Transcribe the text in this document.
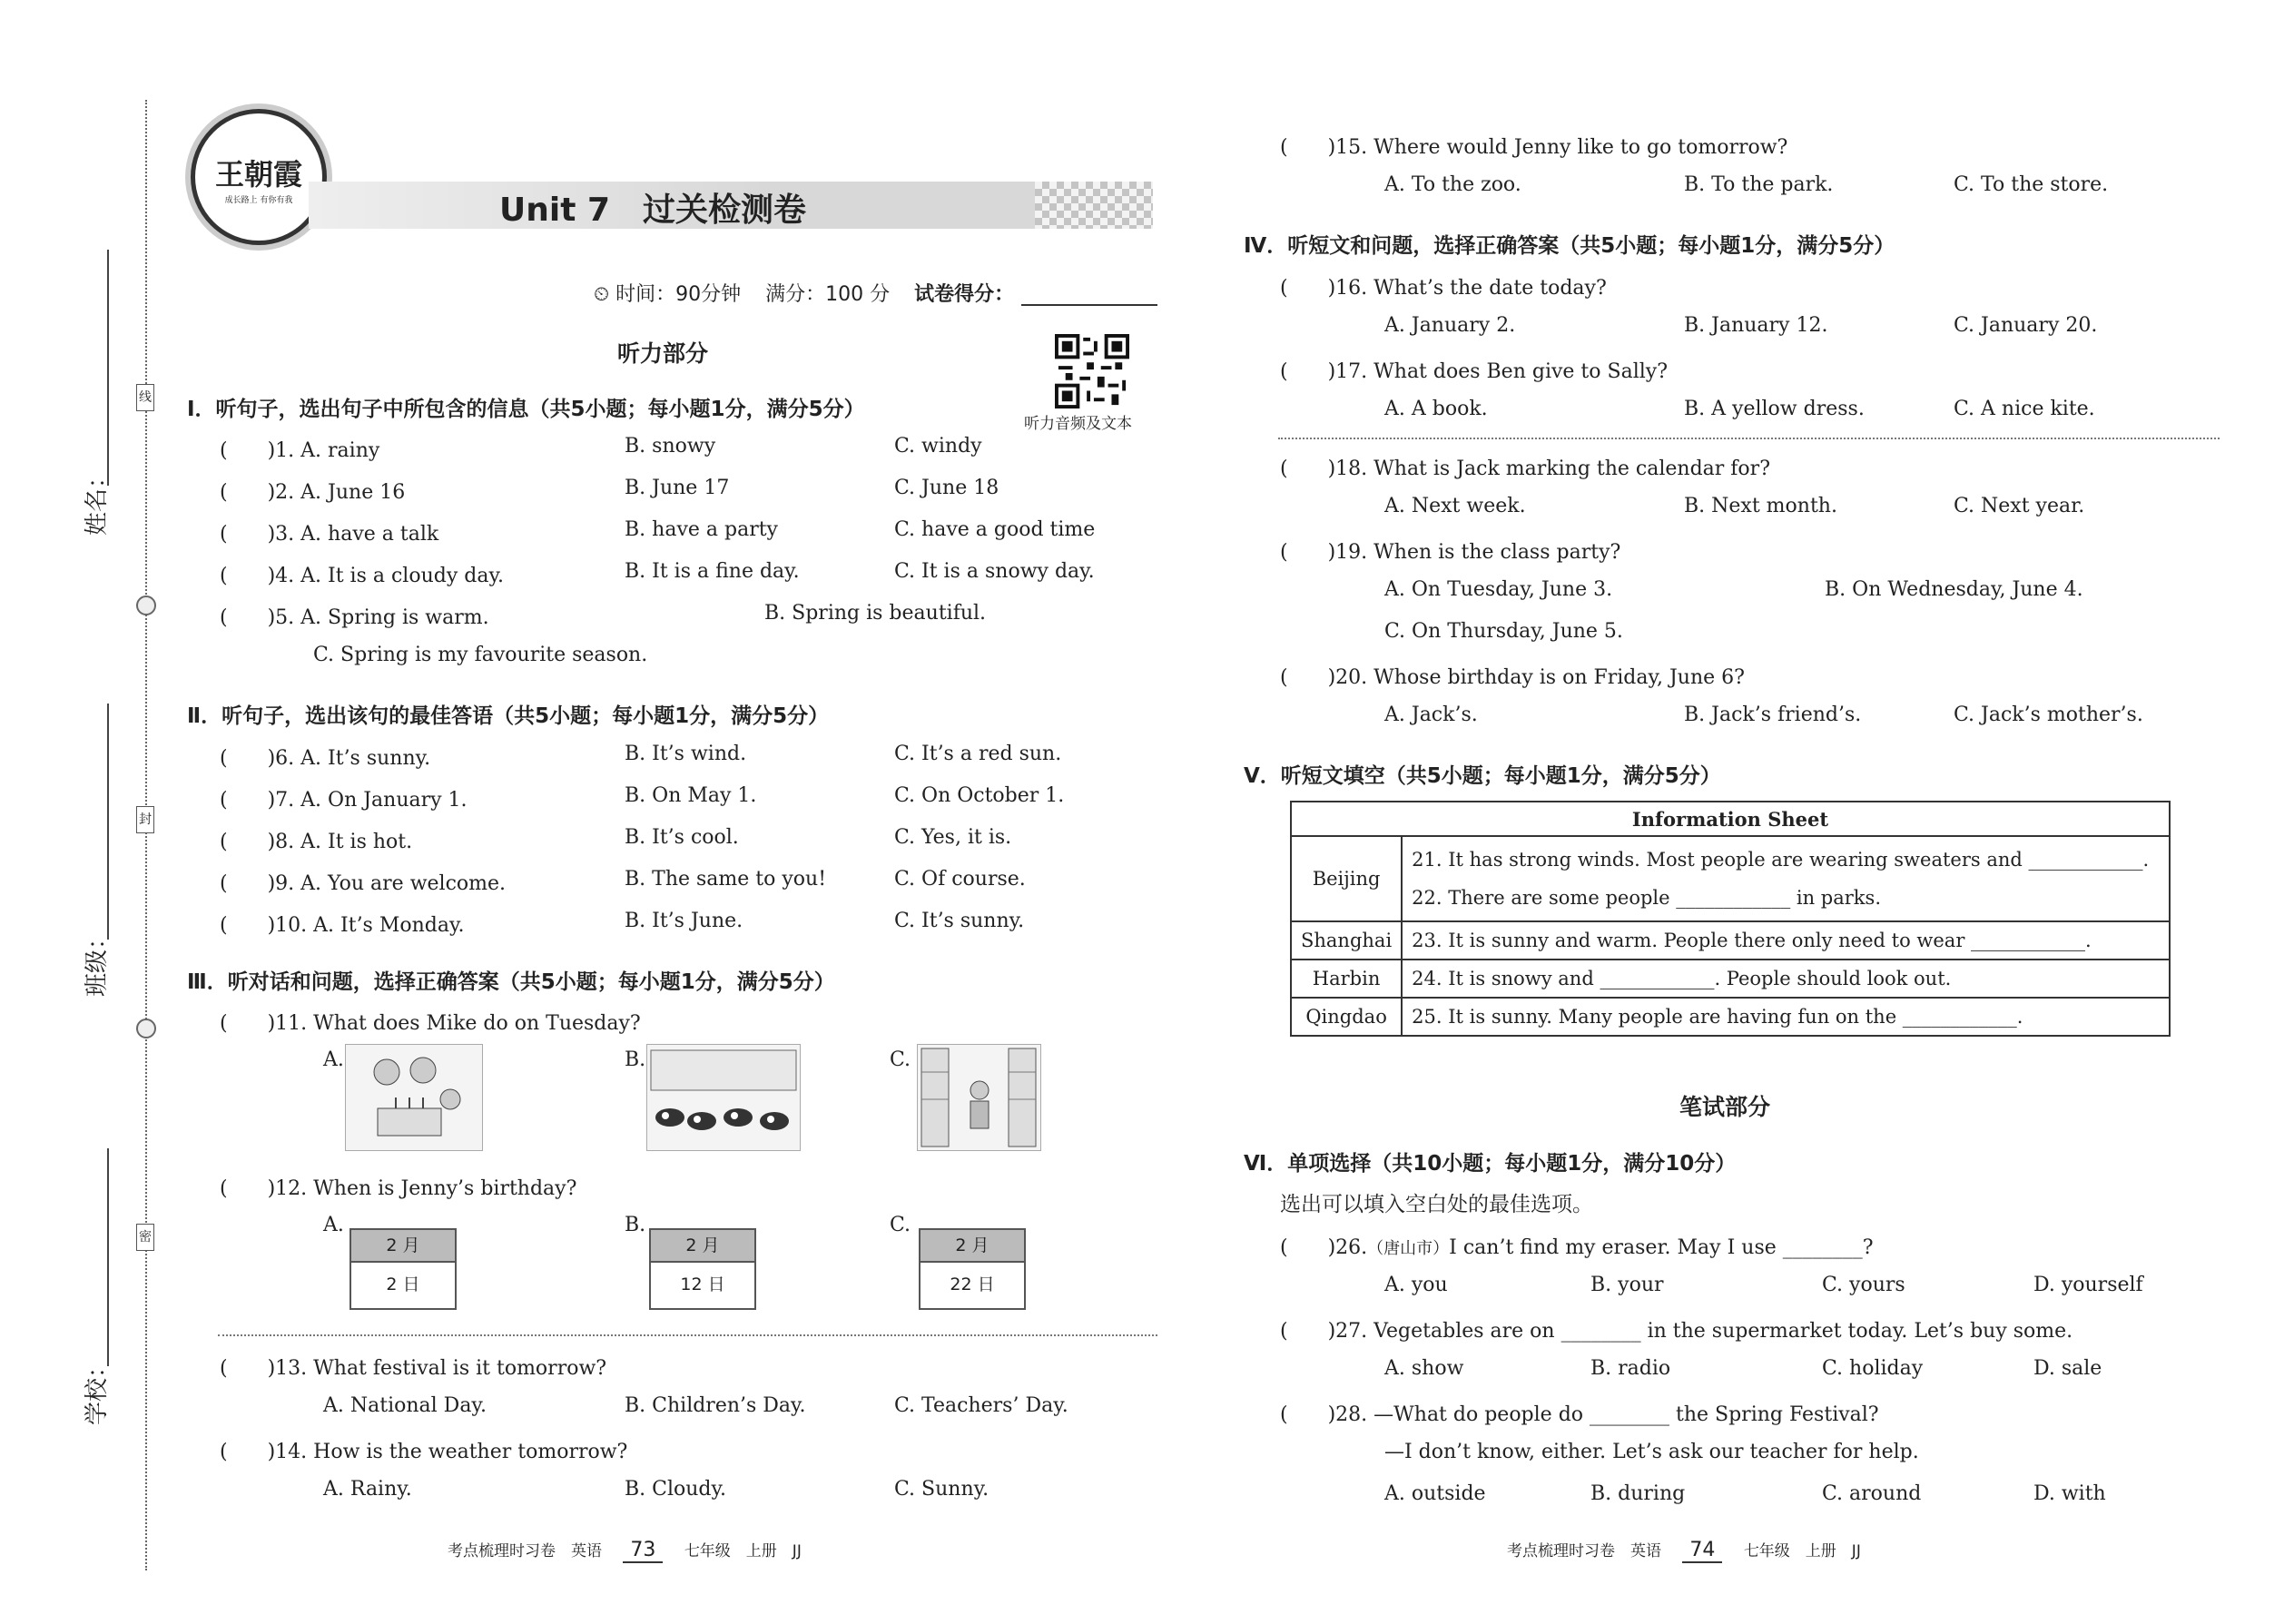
线
封
密
姓名：
班级：
学校：
王朝霞
成长路上 有你有我	Unit 7　过关检测卷
⏲ 时间：90分钟 满分：100 分 试卷得分：
听力音频及文本
听力部分
Ⅰ．听句子，选出句子中所包含的信息（共5小题；每小题1分，满分5分）
(　　)1. A. rainy	B. snowy	C. windy
(　　)2. A. June 16	B. June 17	C. June 18
(　　)3. A. have a talk	B. have a party	C. have a good time
(　　)4. A. It is a cloudy day.	B. It is a fine day.	C. It is a snowy day.
(　　)5. A. Spring is warm.	B. Spring is beautiful.
C. Spring is my favourite season.
Ⅱ．听句子，选出该句的最佳答语（共5小题；每小题1分，满分5分）
(　　)6. A. It’s sunny.	B. It’s wind.	C. It’s a red sun.
(　　)7. A. On January 1.	B. On May 1.	C. On October 1.
(　　)8. A. It is hot.	B. It’s cool.	C. Yes, it is.
(　　)9. A. You are welcome.	B. The same to you!	C. Of course.
(　　)10. A. It’s Monday.	B. It’s June.	C. It’s sunny.
Ⅲ．听对话和问题，选择正确答案（共5小题；每小题1分，满分5分）
(　　)11. What does Mike do on Tuesday?
A.	B.	C.
(　　)12. When is Jenny’s birthday?
A.
2 月
2 日
B.
2 月
12 日
C.
2 月
22 日
(　　)13. What festival is it tomorrow?
A. National Day.	B. Children’s Day.	C. Teachers’ Day.
(　　)14. How is the weather tomorrow?
A. Rainy.	B. Cloudy.	C. Sunny.
考点梳理时习卷　英语 73 七年级　上册　JJ
(　　)15. Where would Jenny like to go tomorrow?
A. To the zoo.	B. To the park.	C. To the store.
Ⅳ．听短文和问题，选择正确答案（共5小题；每小题1分，满分5分）
(　　)16. What’s the date today?
A. January 2.	B. January 12.	C. January 20.
(　　)17. What does Ben give to Sally?
A. A book.	B. A yellow dress.	C. A nice kite.
(　　)18. What is Jack marking the calendar for?
A. Next week.	B. Next month.	C. Next year.
(　　)19. When is the class party?
A. On Tuesday, June 3.	B. On Wednesday, June 4.
C. On Thursday, June 5.
(　　)20. Whose birthday is on Friday, June 6?
A. Jack’s.	B. Jack’s friend’s.	C. Jack’s mother’s.
Ⅴ．听短文填空（共5小题；每小题1分，满分5分）
Information Sheet	
Beijing	21. It has strong winds. Most people are wearing sweaters and ____________.
22. There are some people ____________ in parks.

Shanghai	23. It is sunny and warm. People there only need to wear ____________.
Harbin	24. It is snowy and ____________. People should look out.
Qingdao	25. It is sunny. Many people are having fun on the ____________.
笔试部分
Ⅵ．单项选择（共10小题；每小题1分，满分10分）
选出可以填入空白处的最佳选项。
(　　)26.（唐山市）I can’t find my eraser. May I use ________?
A. you	B. your	C. yours	D. yourself
(　　)27. Vegetables are on ________ in the supermarket today. Let’s buy some.
A. show	B. radio	C. holiday	D. sale
(　　)28. —What do people do ________ the Spring Festival?
—I don’t know, either. Let’s ask our teacher for help.
A. outside	B. during	C. around	D. with
考点梳理时习卷　英语 74 七年级　上册　JJ
